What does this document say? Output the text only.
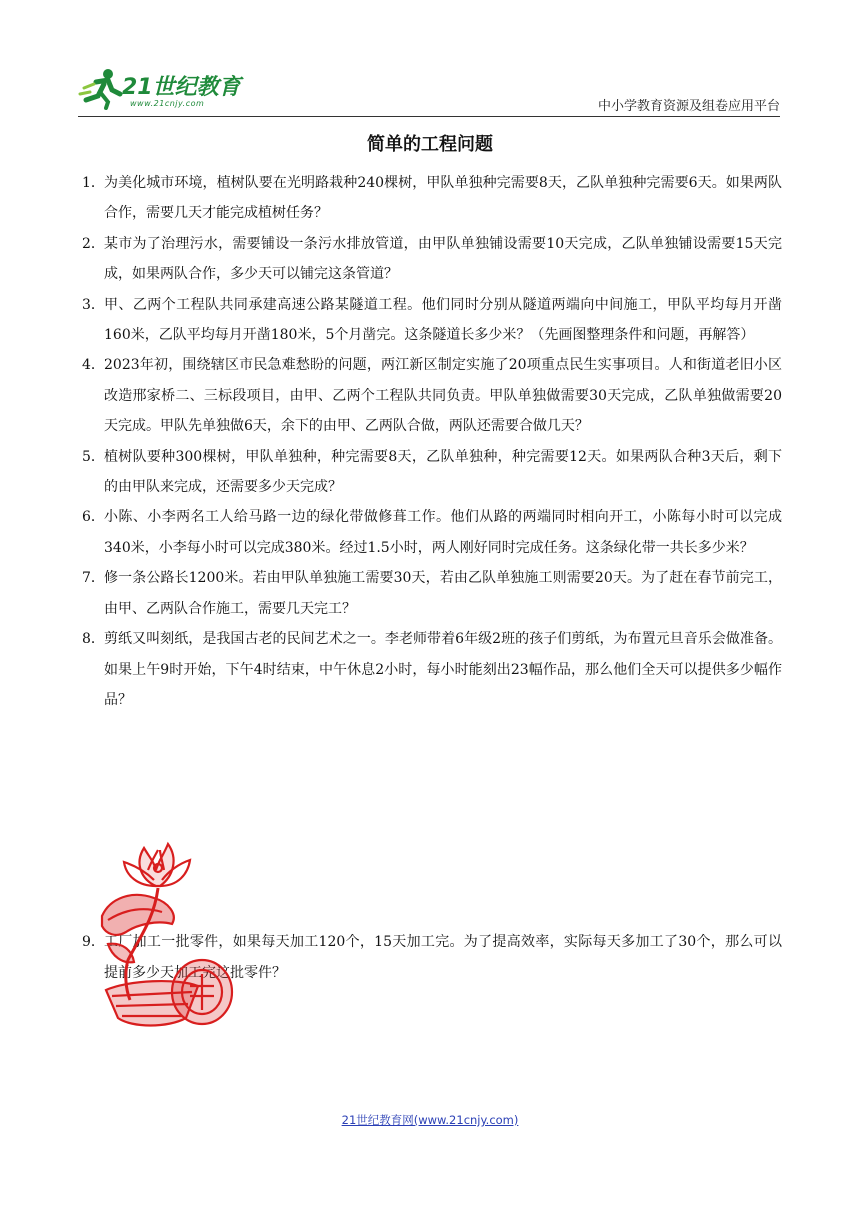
21世纪教育
www.21cnjy.com	中小学教育资源及组卷应用平台
简单的工程问题

1． 为美化城市环境，植树队要在光明路栽种240棵树，甲队单独种完需要8天，乙队单独种完需要6天。如果两队合作，需要几天才能完成植树任务？

2． 某市为了治理污水，需要铺设一条污水排放管道，由甲队单独铺设需要10天完成，乙队单独铺设需要15天完成，如果两队合作，多少天可以铺完这条管道？

3． 甲、乙两个工程队共同承建高速公路某隧道工程。他们同时分别从隧道两端向中间施工，甲队平均每月开凿160米，乙队平均每月开凿180米，5个月凿完。这条隧道长多少米？（先画图整理条件和问题，再解答）

4． 2023年初，围绕辖区市民急难愁盼的问题，两江新区制定实施了20项重点民生实事项目。人和街道老旧小区改造邢家桥二、三标段项目，由甲、乙两个工程队共同负责。甲队单独做需要30天完成，乙队单独做需要20天完成。甲队先单独做6天，余下的由甲、乙两队合做，两队还需要合做几天？

5． 植树队要种300棵树，甲队单独种，种完需要8天，乙队单独种，种完需要12天。如果两队合种3天后，剩下的由甲队来完成，还需要多少天完成？

6． 小陈、小李两名工人给马路一边的绿化带做修葺工作。他们从路的两端同时相向开工，小陈每小时可以完成340米，小李每小时可以完成380米。经过1.5小时，两人刚好同时完成任务。这条绿化带一共长多少米？

7． 修一条公路长1200米。若由甲队单独施工需要30天，若由乙队单独施工则需要20天。为了赶在春节前完工，由甲、乙两队合作施工，需要几天完工？

8． 剪纸又叫刻纸，是我国古老的民间艺术之一。李老师带着6年级2班的孩子们剪纸，为布置元旦音乐会做准备。如果上午9时开始，下午4时结束，中午休息2小时，每小时能刻出23幅作品，那么他们全天可以提供多少幅作品？

9． 工厂加工一批零件，如果每天加工120个，15天加工完。为了提高效率，实际每天多加工了30个，那么可以提前多少天加工完这批零件？

21世纪教育网(www.21cnjy.com)
